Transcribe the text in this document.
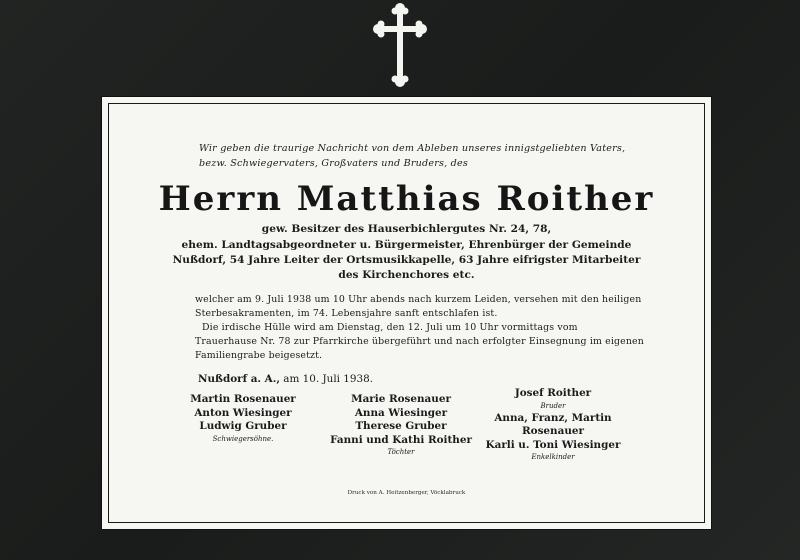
Wir geben die traurige Nachricht von dem Ableben unseres innigstgeliebten Vaters,
bezw. Schwiegervaters, Großvaters und Bruders, des
Herrn Matthias Roither
gew. Besitzer des Hauserbichlergutes Nr. 24, 78,
ehem. Landtagsabgeordneter u. Bürgermeister, Ehrenbürger der Gemeinde
Nußdorf, 54 Jahre Leiter der Ortsmusikkapelle, 63 Jahre eifrigster Mitarbeiter
des Kirchenchores etc.
welcher am 9. Juli 1938 um 10 Uhr abends nach kurzem Leiden, versehen mit den heiligen
Sterbesakramenten, im 74. Lebensjahre sanft entschlafen ist.
Die irdische Hülle wird am Dienstag, den 12. Juli um 10 Uhr vormittags vom
Trauerhause Nr. 78 zur Pfarrkirche übergeführt und nach erfolgter Einsegnung im eigenen
Familiengrabe beigesetzt.
Nußdorf a. A., am 10. Juli 1938.
Martin Rosenauer
Anton Wiesinger
Ludwig Gruber
Schwiegersöhne.
Marie Rosenauer
Anna Wiesinger
Therese Gruber
Fanni und Kathi Roither
Töchter
Josef Roither
Bruder
Anna, Franz, Martin
Rosenauer
Karli u. Toni Wiesinger
Enkelkinder
Druck von A. Heitzenberger, Vöcklabruck
